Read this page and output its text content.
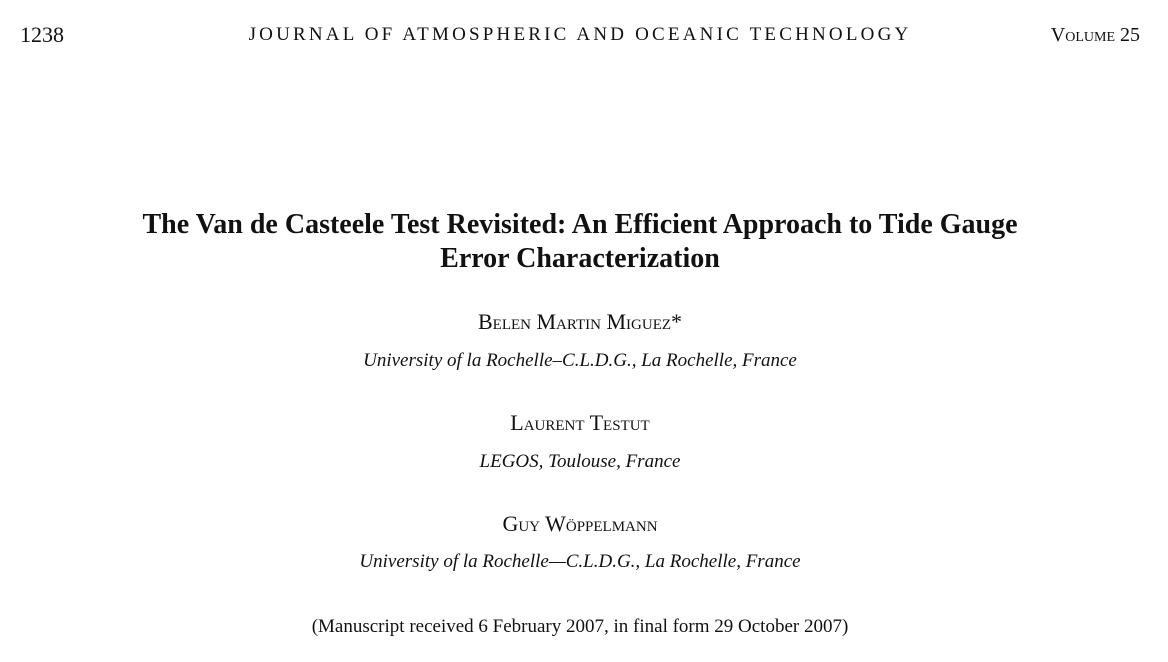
1238	JOURNAL OF ATMOSPHERIC AND OCEANIC TECHNOLOGY	Volume 25
The Van de Casteele Test Revisited: An Efficient Approach to Tide Gauge
Error Characterization
Belen Martin Miguez*
University of la Rochelle–C.L.D.G., La Rochelle, France
Laurent Testut
LEGOS, Toulouse, France
Guy Wöppelmann
University of la Rochelle—C.L.D.G., La Rochelle, France
(Manuscript received 6 February 2007, in final form 29 October 2007)
